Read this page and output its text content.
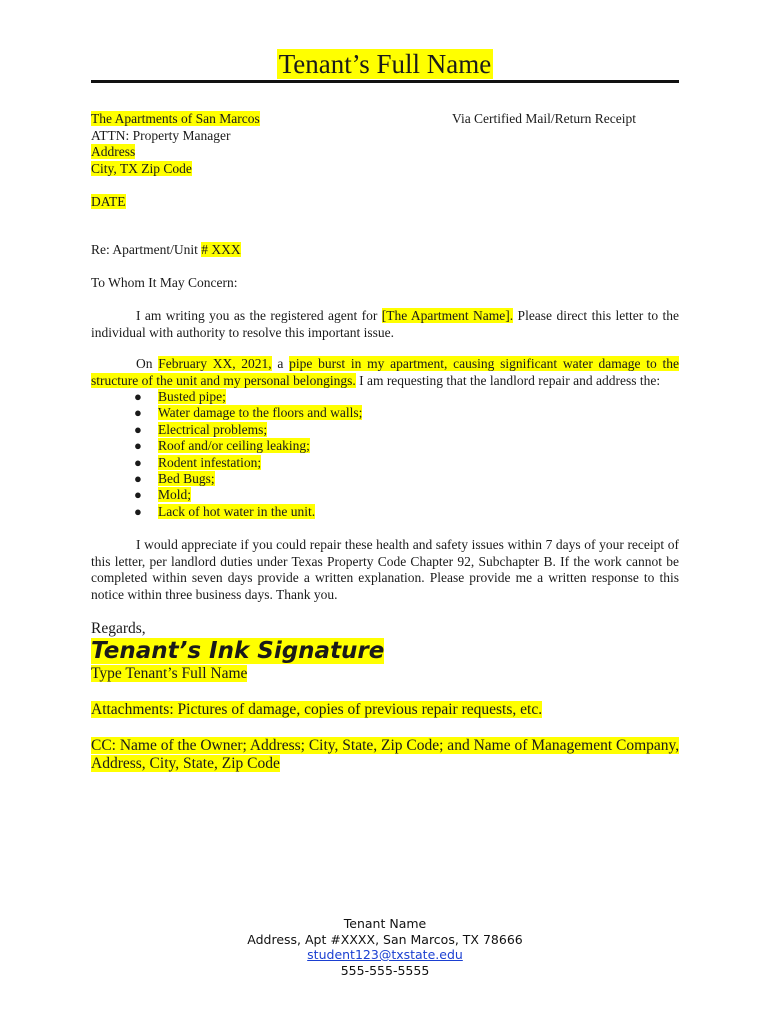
Tenant’s Full Name
The Apartments of San Marcos
ATTN: Property Manager
Address
City, TX Zip Code
Via Certified Mail/Return Receipt
DATE
Re: Apartment/Unit # XXX
To Whom It May Concern:
I am writing you as the registered agent for [The Apartment Name]. Please direct this letter to the individual with authority to resolve this important issue.
On February XX, 2021, a pipe burst in my apartment, causing significant water damage to the structure of the unit and my personal belongings. I am requesting that the landlord repair and address the:
● Busted pipe;
● Water damage to the floors and walls;
● Electrical problems;
● Roof and/or ceiling leaking;
● Rodent infestation;
● Bed Bugs;
● Mold;
● Lack of hot water in the unit.
I would appreciate if you could repair these health and safety issues within 7 days of your receipt of this letter, per landlord duties under Texas Property Code Chapter 92, Subchapter B. If the work cannot be completed within seven days provide a written explanation. Please provide me a written response to this notice within three business days. Thank you.
Regards,
Tenant’s Ink Signature
Type Tenant’s Full Name
Attachments: Pictures of damage, copies of previous repair requests, etc.
CC: Name of the Owner; Address; City, State, Zip Code; and Name of Management Company, Address, City, State, Zip Code
Tenant Name
Address, Apt #XXXX, San Marcos, TX 78666
student123@txstate.edu
555-555-5555
